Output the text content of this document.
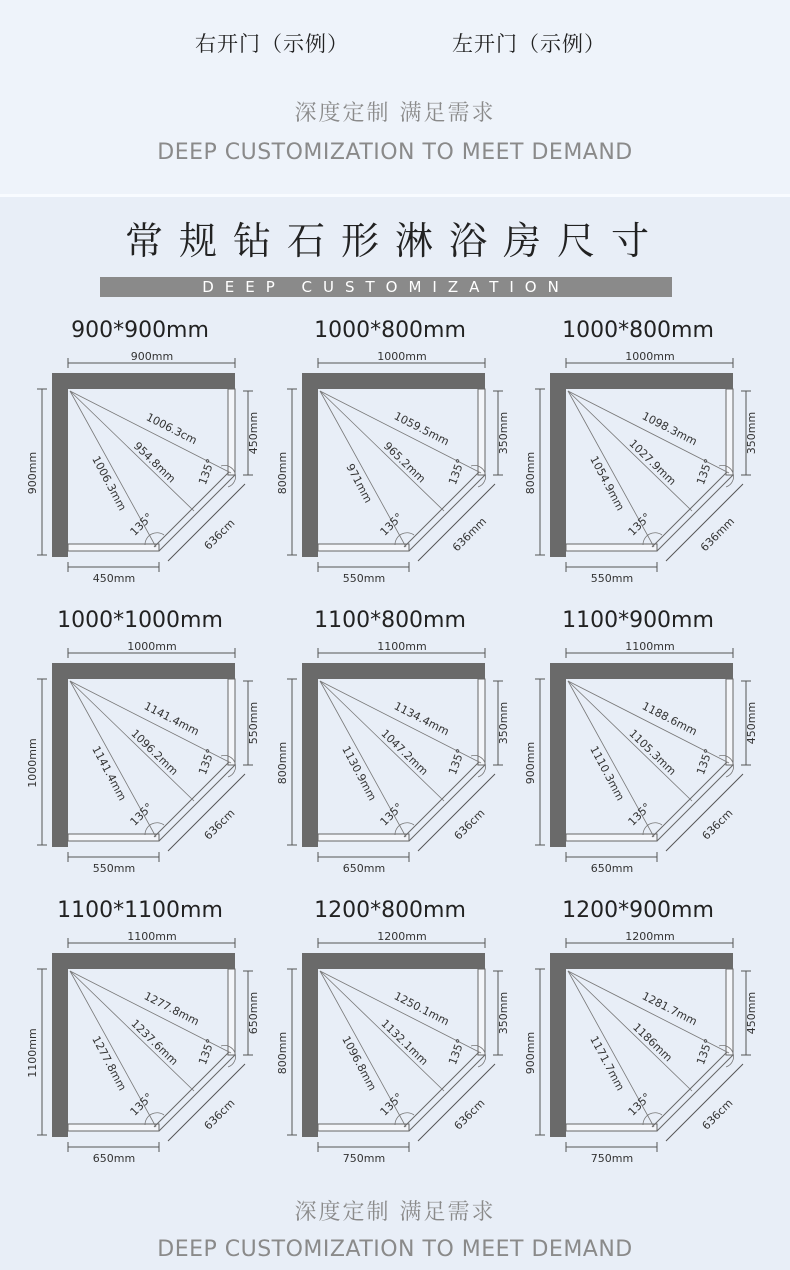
右开门（示例）	左开门（示例）
深度定制 满足需求
DEEP CUSTOMIZATION TO MEET DEMAND
常规钻石形淋浴房尺寸
DEEP CUSTOMIZATION
900*900mm
900mm
900mm
450mm
450mm
636cm
1006.3cm
954.8mm
1006.3mm
135°
135°
1000*800mm
1000mm
800mm
350mm
550mm
636mm
1059.5mm
965.2mm
971mm
135°
135°
1000*800mm
1000mm
800mm
350mm
550mm
636mm
1098.3mm
1027.9mm
1054.9mm
135°
135°
1000*1000mm
1000mm
1000mm
550mm
550mm
636cm
1141.4mm
1096.2mm
1141.4mm
135°
135°
1100*800mm
1100mm
800mm
350mm
650mm
636cm
1134.4mm
1047.2mm
1130.9mm
135°
135°
1100*900mm
1100mm
900mm
450mm
650mm
636cm
1188.6mm
1105.3mm
1110.3mm
135°
135°
1100*1100mm
1100mm
1100mm
650mm
650mm
636cm
1277.8mm
1237.6mm
1277.8mm
135°
135°
1200*800mm
1200mm
800mm
350mm
750mm
636cm
1250.1mm
1132.1mm
1096.8mm
135°
135°
1200*900mm
1200mm
900mm
450mm
750mm
636cm
1281.7mm
1186mm
1171.7mm
135°
135°
深度定制 满足需求
DEEP CUSTOMIZATION TO MEET DEMAND
